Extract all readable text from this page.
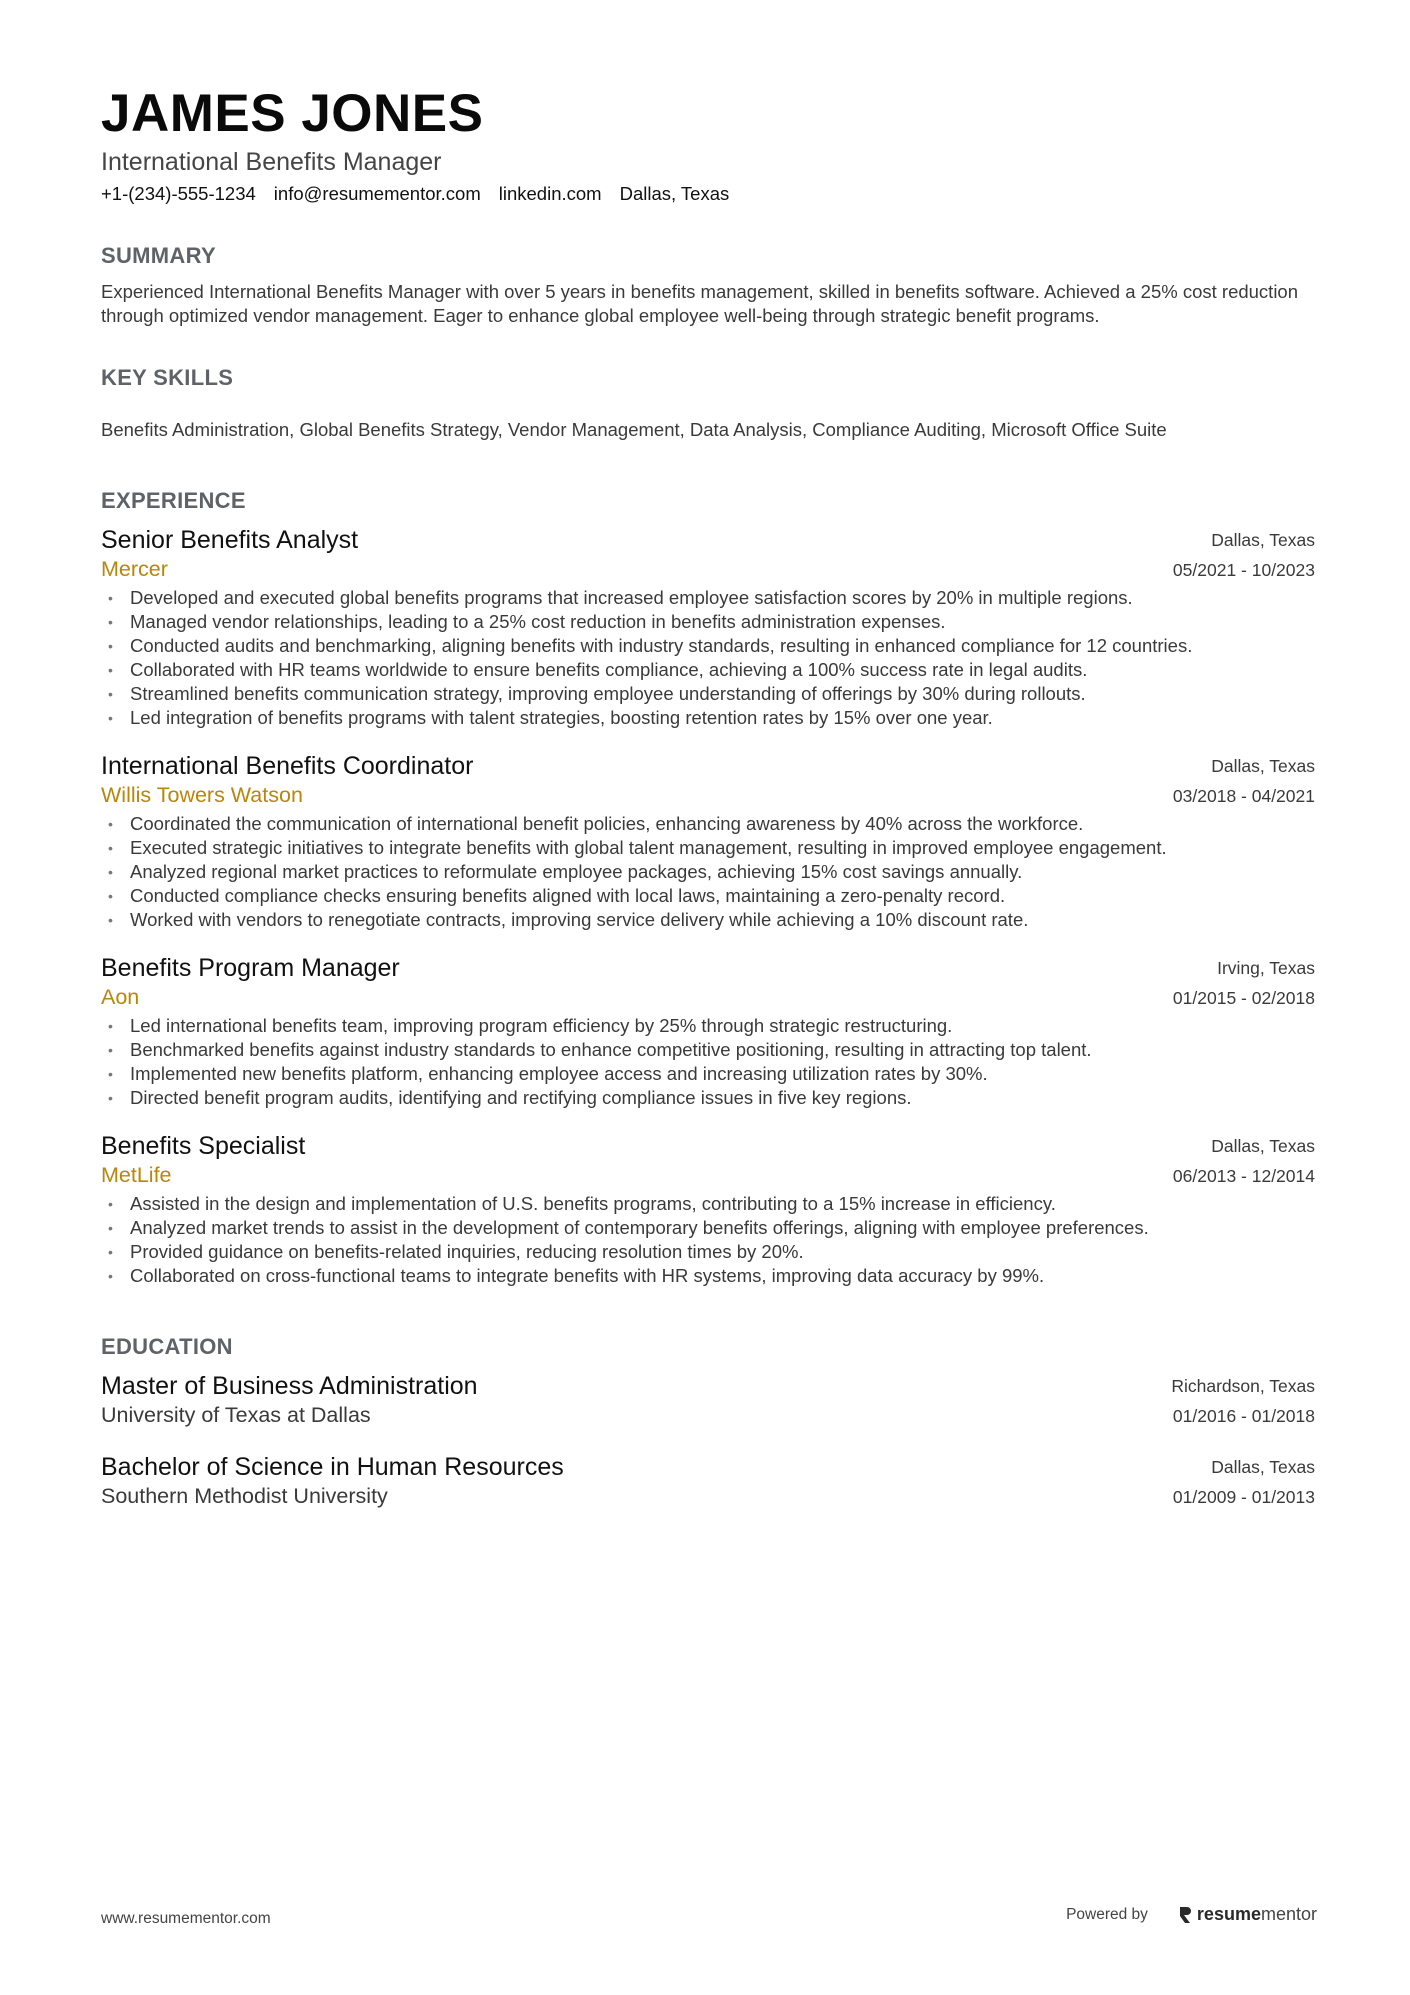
JAMES JONES
International Benefits Manager
+1-(234)-555-1234 info@resumementor.com linkedin.com Dallas, Texas
SUMMARY
Experienced International Benefits Manager with over 5 years in benefits management, skilled in benefits software. Achieved a 25% cost reduction through optimized vendor management. Eager to enhance global employee well-being through strategic benefit programs.
KEY SKILLS
Benefits Administration, Global Benefits Strategy, Vendor Management, Data Analysis, Compliance Auditing, Microsoft Office Suite
EXPERIENCE
Senior Benefits Analyst
Mercer
Dallas, Texas
05/2021 - 10/2023
• Developed and executed global benefits programs that increased employee satisfaction scores by 20% in multiple regions.
• Managed vendor relationships, leading to a 25% cost reduction in benefits administration expenses.
• Conducted audits and benchmarking, aligning benefits with industry standards, resulting in enhanced compliance for 12 countries.
• Collaborated with HR teams worldwide to ensure benefits compliance, achieving a 100% success rate in legal audits.
• Streamlined benefits communication strategy, improving employee understanding of offerings by 30% during rollouts.
• Led integration of benefits programs with talent strategies, boosting retention rates by 15% over one year.
International Benefits Coordinator
Willis Towers Watson
Dallas, Texas
03/2018 - 04/2021
• Coordinated the communication of international benefit policies, enhancing awareness by 40% across the workforce.
• Executed strategic initiatives to integrate benefits with global talent management, resulting in improved employee engagement.
• Analyzed regional market practices to reformulate employee packages, achieving 15% cost savings annually.
• Conducted compliance checks ensuring benefits aligned with local laws, maintaining a zero-penalty record.
• Worked with vendors to renegotiate contracts, improving service delivery while achieving a 10% discount rate.
Benefits Program Manager
Aon
Irving, Texas
01/2015 - 02/2018
• Led international benefits team, improving program efficiency by 25% through strategic restructuring.
• Benchmarked benefits against industry standards to enhance competitive positioning, resulting in attracting top talent.
• Implemented new benefits platform, enhancing employee access and increasing utilization rates by 30%.
• Directed benefit program audits, identifying and rectifying compliance issues in five key regions.
Benefits Specialist
MetLife
Dallas, Texas
06/2013 - 12/2014
• Assisted in the design and implementation of U.S. benefits programs, contributing to a 15% increase in efficiency.
• Analyzed market trends to assist in the development of contemporary benefits offerings, aligning with employee preferences.
• Provided guidance on benefits-related inquiries, reducing resolution times by 20%.
• Collaborated on cross-functional teams to integrate benefits with HR systems, improving data accuracy by 99%.
EDUCATION
Master of Business Administration
University of Texas at Dallas
Richardson, Texas
01/2016 - 01/2018
Bachelor of Science in Human Resources
Southern Methodist University
Dallas, Texas
01/2009 - 01/2013
www.resumementor.com	Powered by	resume mentor
